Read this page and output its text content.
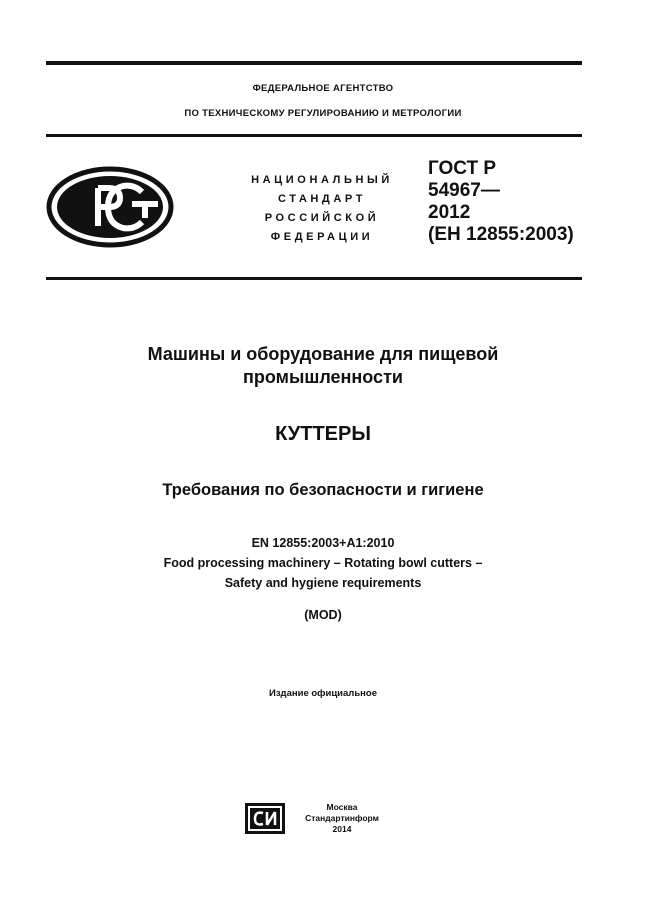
ФЕДЕРАЛЬНОЕ АГЕНТСТВО
ПО ТЕХНИЧЕСКОМУ РЕГУЛИРОВАНИЮ И МЕТРОЛОГИИ
НАЦИОНАЛЬНЫЙ
СТАНДАРТ
РОССИЙСКОЙ
ФЕДЕРАЦИИ
ГОСТ Р
54967—
2012
(ЕН 12855:2003)
Машины и оборудование для пищевой
промышленности
КУТТЕРЫ
Требования по безопасности и гигиене
EN 12855:2003+A1:2010
Food processing machinery – Rotating bowl cutters –
Safety and hygiene requirements
(MOD)
Издание официальное
Москва
Стандартинформ
2014
